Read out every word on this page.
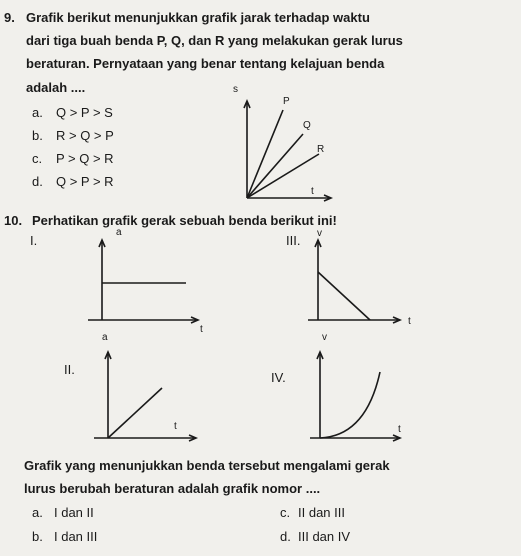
9. Grafik berikut menunjukkan grafik jarak terhadap waktu
dari tiga buah benda P, Q, dan R yang melakukan gerak lurus
beraturan. Pernyataan yang benar tentang kelajuan benda
adalah ....
a. Q > P > S
b. R > Q > P
c. P > Q > R
d. Q > P > R
s
P
Q
R
t
10. Perhatikan grafik gerak sebuah benda berikut ini!
I.
a
t
III. v
t
II.
a
t
IV.
v
t
Grafik yang menunjukkan benda tersebut mengalami gerak
lurus berubah beraturan adalah grafik nomor ....
a. I dan II
b. I dan III
c. II dan III
d. III dan IV
